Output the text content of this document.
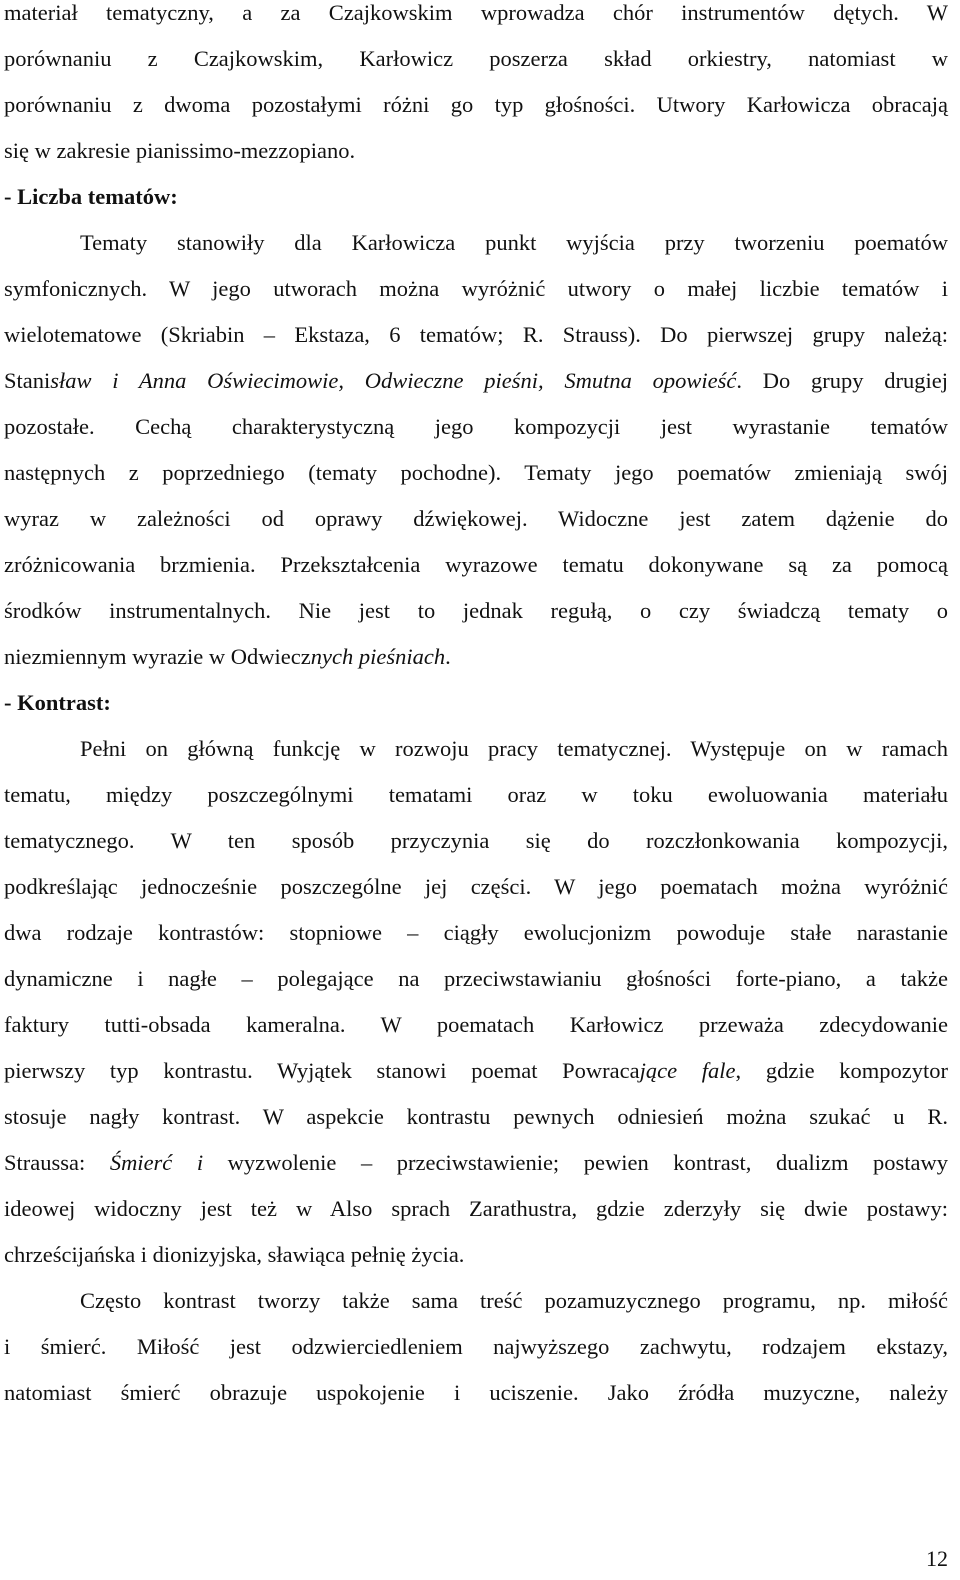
materiał tematyczny, a za Czajkowskim wprowadza chór instrumentów dętych. W
porównaniu z Czajkowskim, Karłowicz poszerza skład orkiestry, natomiast w
porównaniu z dwoma pozostałymi różni go typ głośności. Utwory Karłowicza obracają
się w zakresie pianissimo-mezzopiano.
- Liczba tematów:
Tematy stanowiły dla Karłowicza punkt wyjścia przy tworzeniu poematów
symfonicznych. W jego utworach można wyróżnić utwory o małej liczbie tematów i
wielotematowe (Skriabin – Ekstaza, 6 tematów; R. Strauss). Do pierwszej grupy należą:
Stanisław i Anna Oświecimowie, Odwieczne pieśni, Smutna opowieść. Do grupy drugiej
pozostałe. Cechą charakterystyczną jego kompozycji jest wyrastanie tematów
następnych z poprzedniego (tematy pochodne). Tematy jego poematów zmieniają swój
wyraz w zależności od oprawy dźwiękowej. Widoczne jest zatem dążenie do
zróżnicowania brzmienia. Przekształcenia wyrazowe tematu dokonywane są za pomocą
środków instrumentalnych. Nie jest to jednak regułą, o czy świadczą tematy o
niezmiennym wyrazie w Odwiecznych pieśniach.
- Kontrast:
Pełni on główną funkcję w rozwoju pracy tematycznej. Występuje on w ramach
tematu, między poszczególnymi tematami oraz w toku ewoluowania materiału
tematycznego. W ten sposób przyczynia się do rozczłonkowania kompozycji,
podkreślając jednocześnie poszczególne jej części. W jego poematach można wyróżnić
dwa rodzaje kontrastów: stopniowe – ciągły ewolucjonizm powoduje stałe narastanie
dynamiczne i nagłe – polegające na przeciwstawianiu głośności forte-piano, a także
faktury tutti-obsada kameralna. W poematach Karłowicz przeważa zdecydowanie
pierwszy typ kontrastu. Wyjątek stanowi poemat Powracające fale, gdzie kompozytor
stosuje nagły kontrast. W aspekcie kontrastu pewnych odniesień można szukać u R.
Straussa: Śmierć i wyzwolenie – przeciwstawienie; pewien kontrast, dualizm postawy
ideowej widoczny jest też w Also sprach Zarathustra, gdzie zderzyły się dwie postawy:
chrześcijańska i dionizyjska, sławiąca pełnię życia.
Często kontrast tworzy także sama treść pozamuzycznego programu, np. miłość
i śmierć. Miłość jest odzwierciedleniem najwyższego zachwytu, rodzajem ekstazy,
natomiast śmierć obrazuje uspokojenie i uciszenie. Jako źródła muzyczne, należy
12
